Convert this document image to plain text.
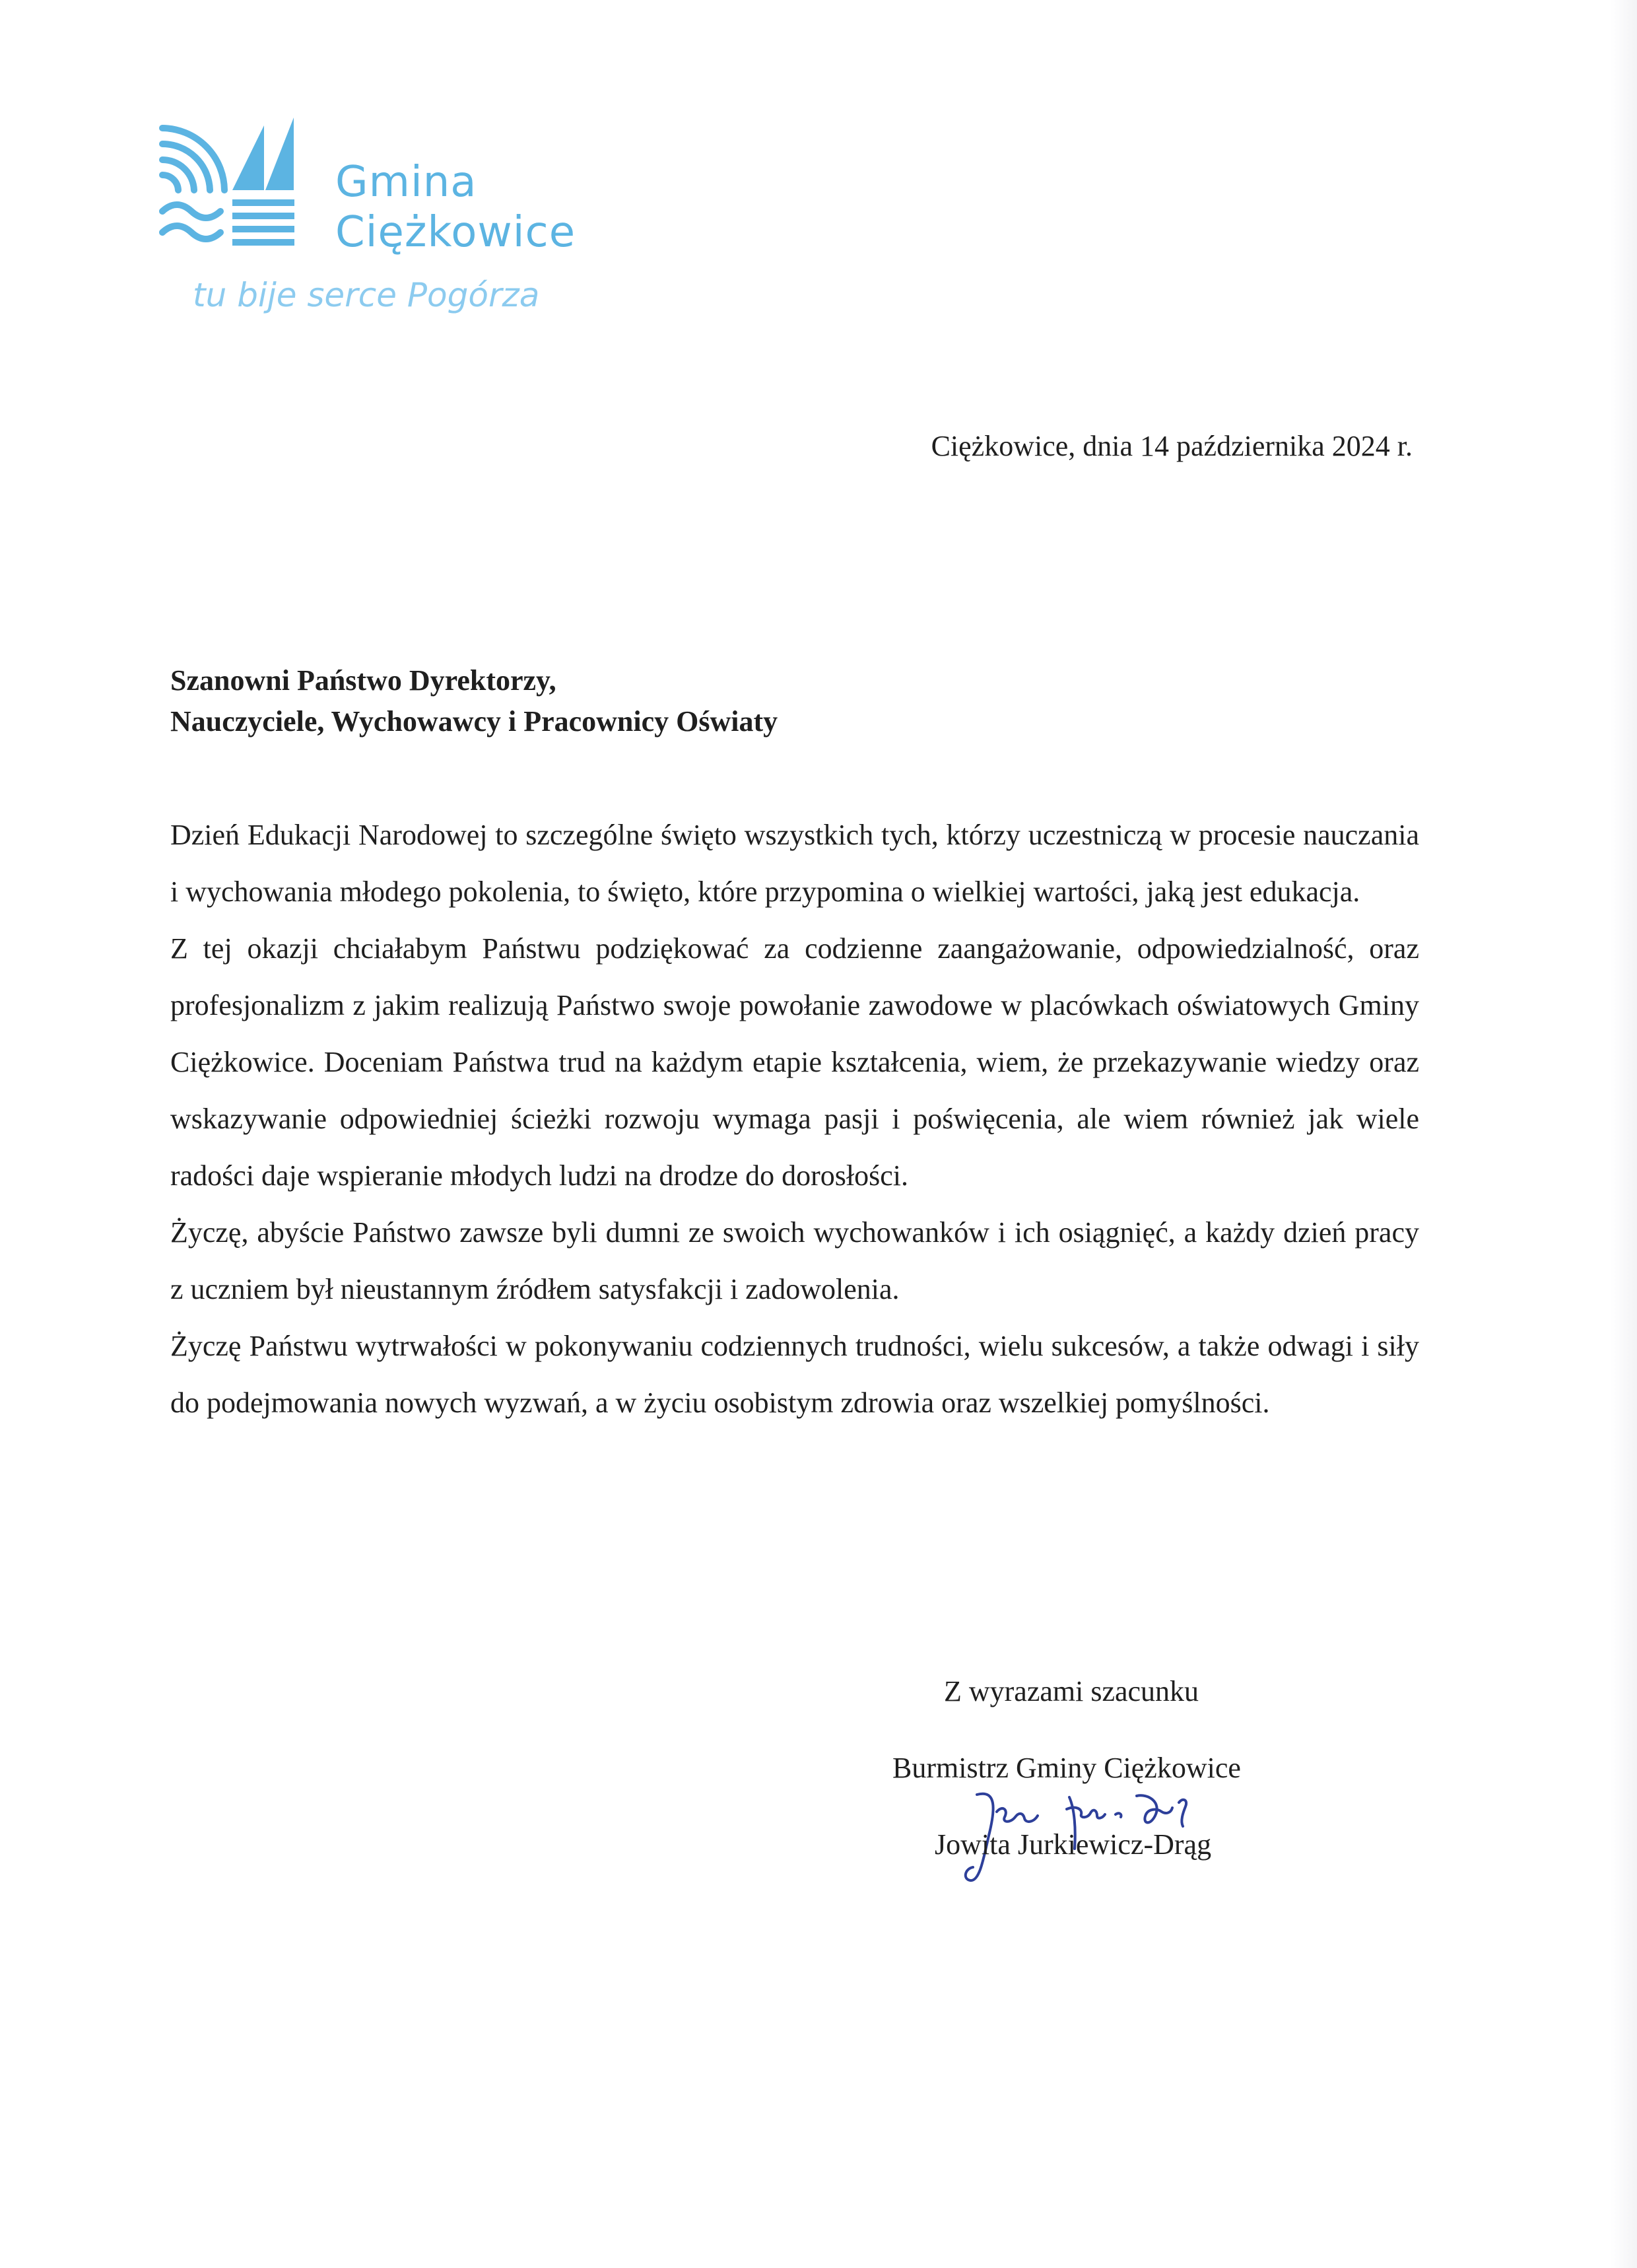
Gmina
Ciężkowice
tu bije serce Pogórza
Ciężkowice, dnia 14 października 2024 r.
Szanowni Państwo Dyrektorzy,
Nauczyciele, Wychowawcy i Pracownicy Oświaty

Dzień Edukacji Narodowej to szczególne święto wszystkich tych, którzy uczestniczą w procesie nauczania i wychowania młodego pokolenia, to święto, które przypomina o wielkiej wartości, jaką jest edukacja.

Z tej okazji chciałabym Państwu podziękować za codzienne zaangażowanie, odpowiedzialność, oraz profesjonalizm z jakim realizują Państwo swoje powołanie zawodowe w placówkach oświatowych Gminy Ciężkowice. Doceniam Państwa trud na każdym etapie kształcenia, wiem, że przekazywanie wiedzy oraz wskazywanie odpowiedniej ścieżki rozwoju wymaga pasji i poświęcenia, ale wiem również jak wiele radości daje wspieranie młodych ludzi na drodze do dorosłości.

Życzę, abyście Państwo zawsze byli dumni ze swoich wychowanków i ich osiągnięć, a każdy dzień pracy z uczniem był nieustannym źródłem satysfakcji i zadowolenia.

Życzę Państwu wytrwałości w pokonywaniu codziennych trudności, wielu sukcesów, a także odwagi i siły do podejmowania nowych wyzwań, a w życiu osobistym zdrowia oraz wszelkiej pomyślności.

Z wyrazami szacunku
Burmistrz Gminy Ciężkowice
Jowita Jurkiewicz-Drąg
